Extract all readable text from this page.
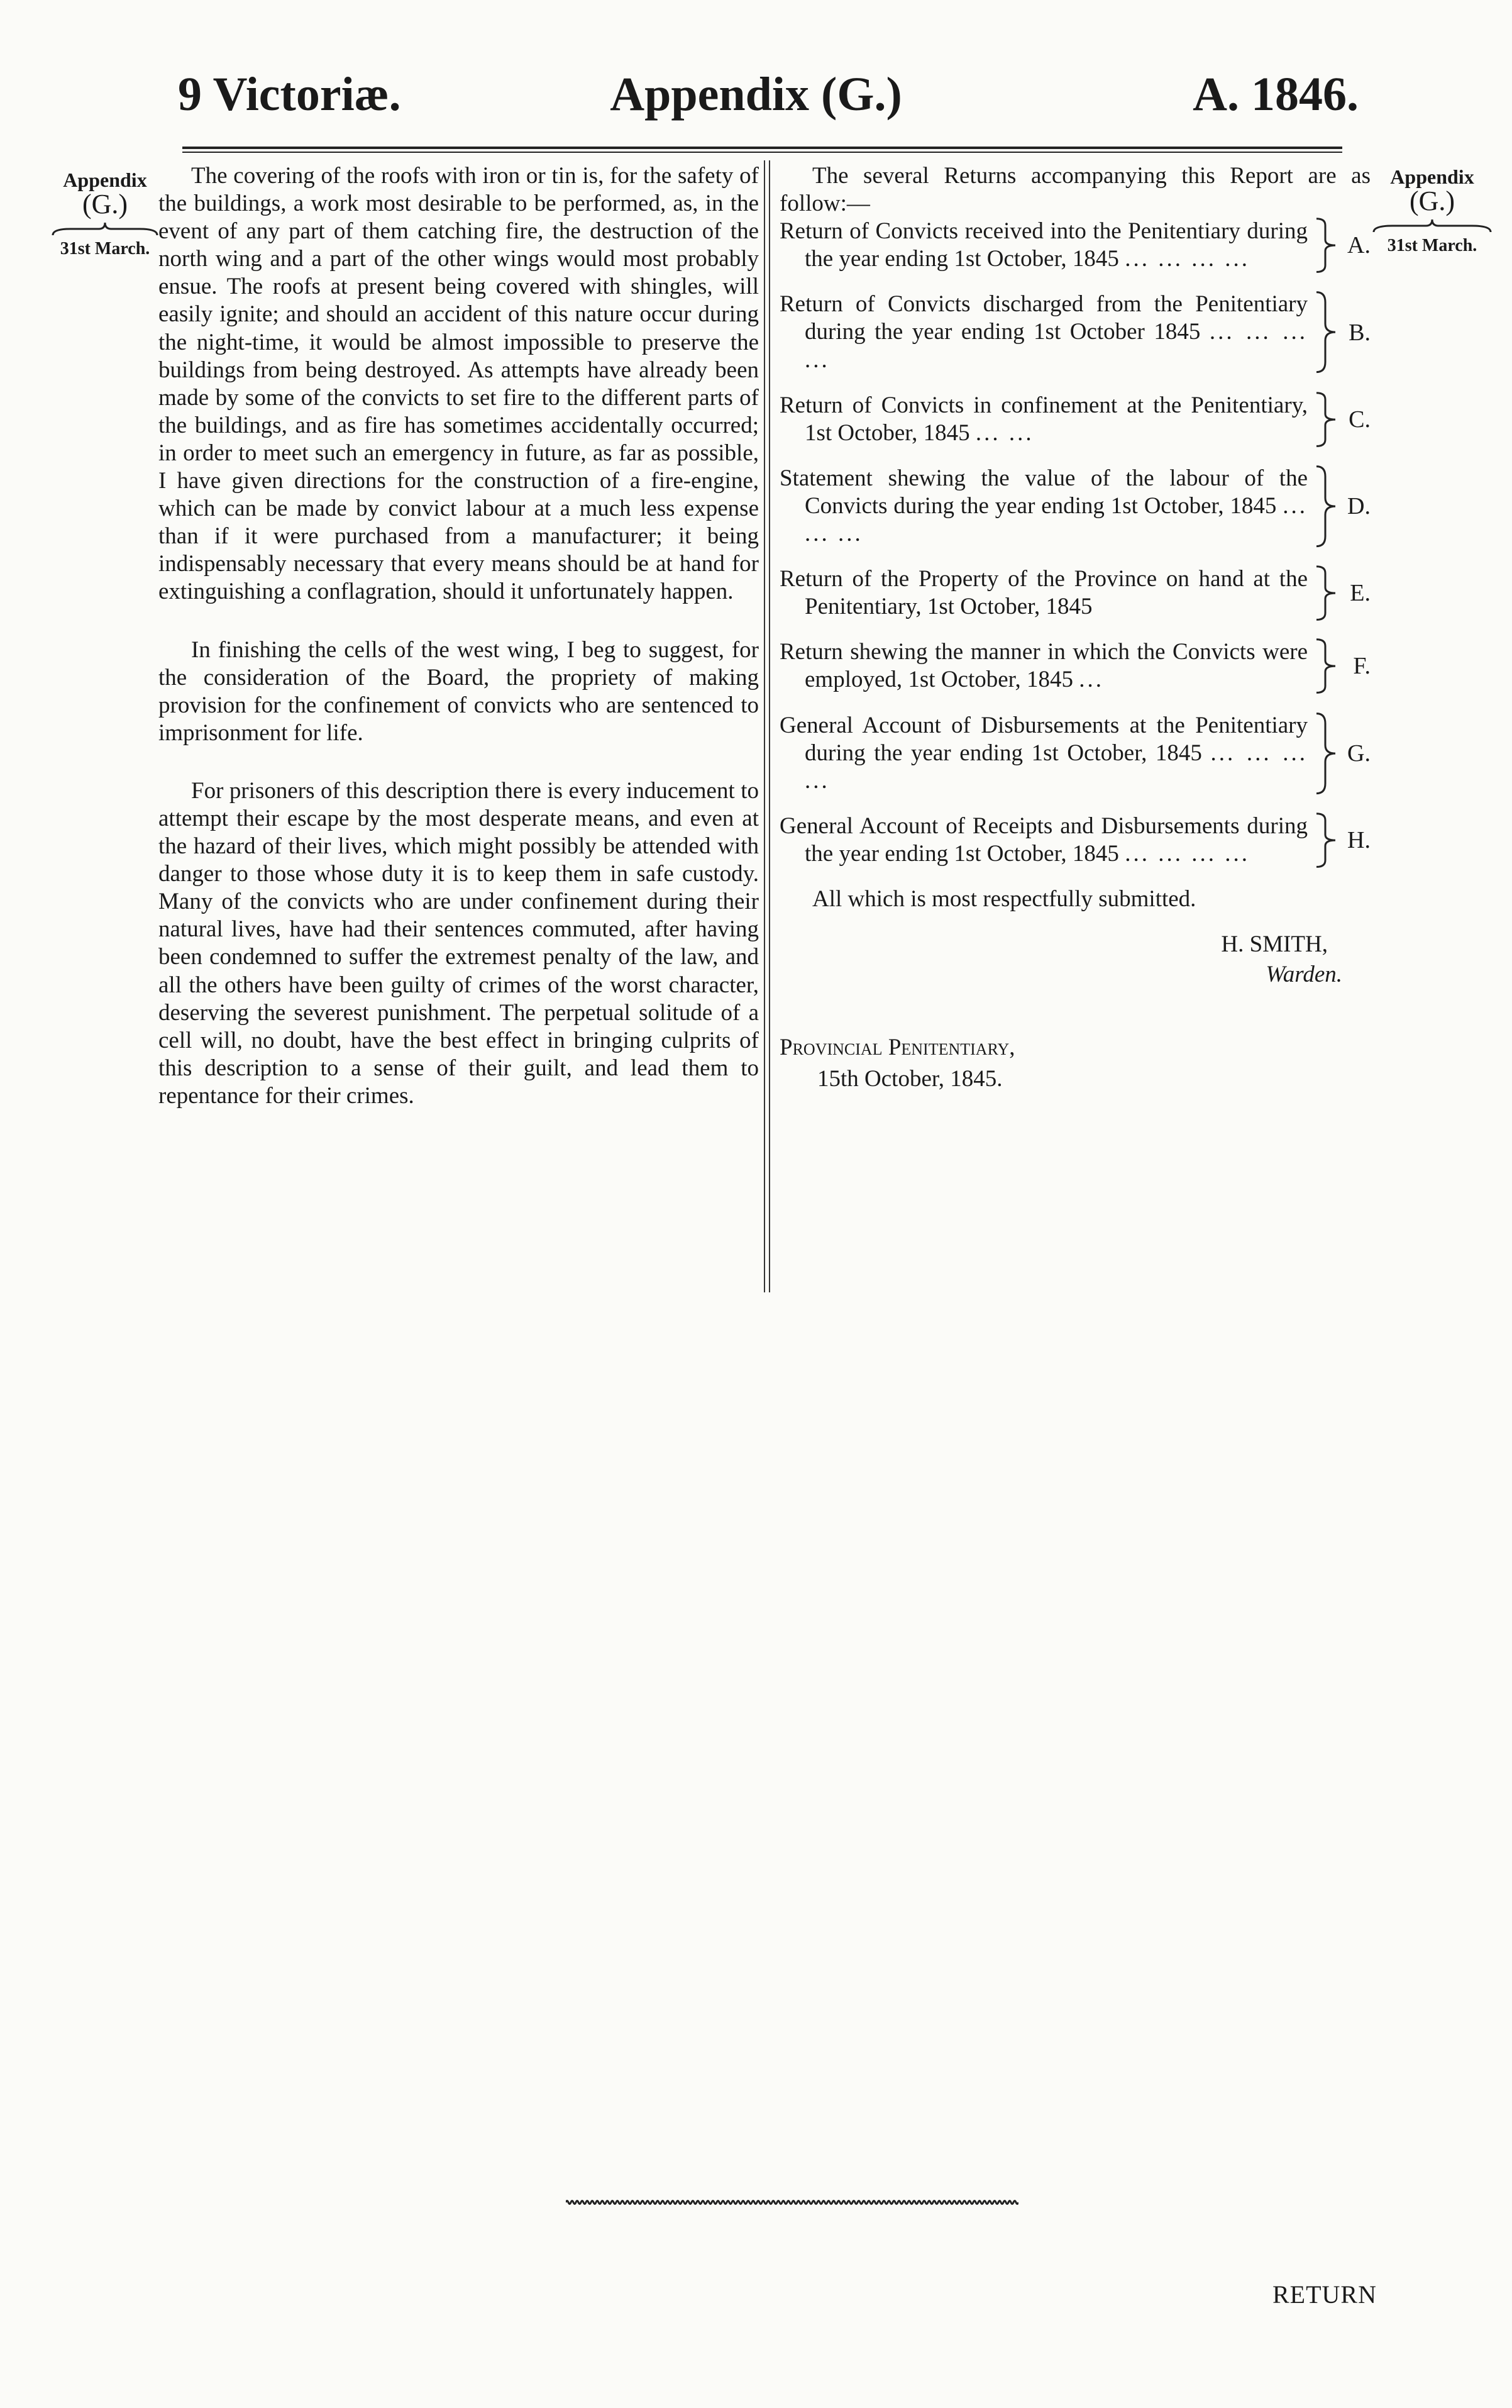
9 Victoriæ.	Appendix (G.)	A. 1846.
Appendix
(G.)
31st March.
Appendix
(G.)
31st March.

The covering of the roofs with iron or tin is, for the safety of the buildings, a work most desirable to be performed, as, in the event of any part of them catching fire, the destruction of the north wing and a part of the other wings would most probably ensue. The roofs at present being covered with shingles, will easily ignite; and should an accident of this nature occur during the night-time, it would be almost impossible to preserve the buildings from being destroyed. As attempts have already been made by some of the convicts to set fire to the different parts of the buildings, and as fire has sometimes accidentally occurred; in order to meet such an emergency in future, as far as possible, I have given directions for the construction of a fire-engine, which can be made by convict labour at a much less expense than if it were purchased from a manufacturer; it being indispensably necessary that every means should be at hand for extinguishing a conflagration, should it unfortunately happen.

In finishing the cells of the west wing, I beg to suggest, for the consideration of the Board, the propriety of making provision for the confinement of convicts who are sentenced to imprisonment for life.

For prisoners of this description there is every inducement to attempt their escape by the most desperate means, and even at the hazard of their lives, which might possibly be attended with danger to those whose duty it is to keep them in safe custody. Many of the convicts who are under confinement during their natural lives, have had their sentences commuted, after having been condemned to suffer the extremest penalty of the law, and all the others have been guilty of crimes of the worst character, deserving the severest punishment. The perpetual solitude of a cell will, no doubt, have the best effect in bringing culprits of this description to a sense of their guilt, and lead them to repentance for their crimes.

The several Returns accompanying this Report are as follow:—

Return of Convicts received into the Penitentiary during the year ending 1st October, 1845 ... ... ... ...
A.
Return of Convicts discharged from the Penitentiary during the year ending 1st October 1845 ... ... ... ...
B.
Return of Convicts in confinement at the Penitentiary, 1st October, 1845 ... ...
C.
Statement shewing the value of the labour of the Convicts during the year ending 1st October, 1845 ... ... ...
D.
Return of the Property of the Province on hand at the Penitentiary, 1st October, 1845
E.
Return shewing the manner in which the Convicts were employed, 1st October, 1845 ...
F.
General Account of Disbursements at the Penitentiary during the year ending 1st October, 1845 ... ... ... ...
G.
General Account of Receipts and Disbursements during the year ending 1st October, 1845 ... ... ... ...
H.

All which is most respectfully submitted.

H. SMITH,
Warden.
Provincial Penitentiary,
15th October, 1845.
RETURN
